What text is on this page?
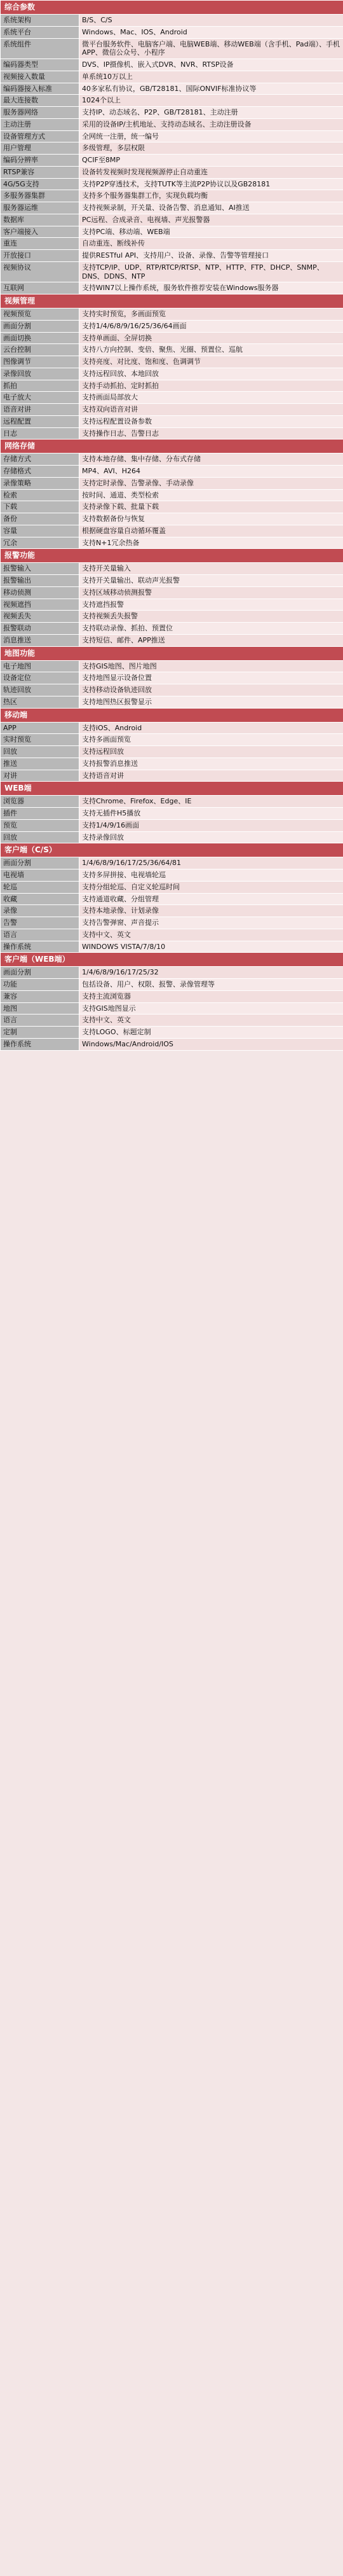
综合参数	
系统架构	B/S、C/S
系统平台	Windows、Mac、IOS、Android
系统组件	微平台服务软件、电脑客户端、电脑WEB端、移动WEB端（含手机、Pad端）、手机APP、微信公众号、小程序
编码器类型	DVS、IP摄像机、嵌入式DVR、NVR、RTSP设备
视频接入数量	单系统10万以上
编码器接入标准	40多家私有协议，GB/T28181、国际ONVIF标准协议等
最大连接数	1024个以上
服务器网络	支持IP、动态域名、P2P、GB/T28181、主动注册
主动注册	采用的设备IP/主机地址、支持动态域名、主动注册设备
设备管理方式	全网统一注册，统一编号
用户管理	多级管理，多层权限
编码分辨率	QCIF至8MP
RTSP兼容	设备转发视频时发现视频源停止自动重连
4G/5G支持	支持P2P穿透技术，支持TUTK等主流P2P协议以及GB28181
多服务器集群	支持多个服务器集群工作，实现负载均衡
服务器运维	支持视频录制，开关量、设备告警、消息通知、AI推送
数据库	PC远程、合成录音、电视墙、声光报警器
客户端接入	支持PC端、移动端、WEB端
重连	自动重连、断线补传
开放接口	提供RESTful API、支持用户、设备、录像、告警等管理接口
视频协议	支持TCP/IP、UDP、RTP/RTCP/RTSP、NTP、HTTP、FTP、DHCP、SNMP、DNS、DDNS、NTP
互联网	支持WIN7以上操作系统，服务软件推荐安装在Windows服务器
视频管理	
视频预览	支持实时预览，多画面预览
画面分割	支持1/4/6/8/9/16/25/36/64画面
画面切换	支持单画面、全屏切换
云台控制	支持八方向控制、变倍、聚焦、光圈、预置位、巡航
图像调节	支持亮度、对比度、饱和度、色调调节
录像回放	支持远程回放、本地回放
抓拍	支持手动抓拍、定时抓拍
电子放大	支持画面局部放大
语音对讲	支持双向语音对讲
远程配置	支持远程配置设备参数
日志	支持操作日志、告警日志
网络存储	
存储方式	支持本地存储、集中存储、分布式存储
存储格式	MP4、AVI、H264
录像策略	支持定时录像、告警录像、手动录像
检索	按时间、通道、类型检索
下载	支持录像下载、批量下载
备份	支持数据备份与恢复
容量	根据硬盘容量自动循环覆盖
冗余	支持N+1冗余热备
报警功能	
报警输入	支持开关量输入
报警输出	支持开关量输出、联动声光报警
移动侦测	支持区域移动侦测报警
视频遮挡	支持遮挡报警
视频丢失	支持视频丢失报警
报警联动	支持联动录像、抓拍、预置位
消息推送	支持短信、邮件、APP推送
地图功能	
电子地图	支持GIS地图、图片地图
设备定位	支持地图显示设备位置
轨迹回放	支持移动设备轨迹回放
热区	支持地图热区报警显示
移动端	
APP	支持iOS、Android
实时预览	支持多画面预览
回放	支持远程回放
推送	支持报警消息推送
对讲	支持语音对讲
WEB端	
浏览器	支持Chrome、Firefox、Edge、IE
插件	支持无插件H5播放
预览	支持1/4/9/16画面
回放	支持录像回放
客户端（C/S）	
画面分割	1/4/6/8/9/16/17/25/36/64/81
电视墙	支持多屏拼接、电视墙轮巡
轮巡	支持分组轮巡、自定义轮巡时间
收藏	支持通道收藏、分组管理
录像	支持本地录像、计划录像
告警	支持告警弹窗、声音提示
语言	支持中文、英文
操作系统	WINDOWS VISTA/7/8/10
客户端（WEB端）	
画面分割	1/4/6/8/9/16/17/25/32
功能	包括设备、用户、权限、报警、录像管理等
兼容	支持主流浏览器
地图	支持GIS地图显示
语言	支持中文、英文
定制	支持LOGO、标题定制
操作系统	Windows/Mac/Android/IOS
